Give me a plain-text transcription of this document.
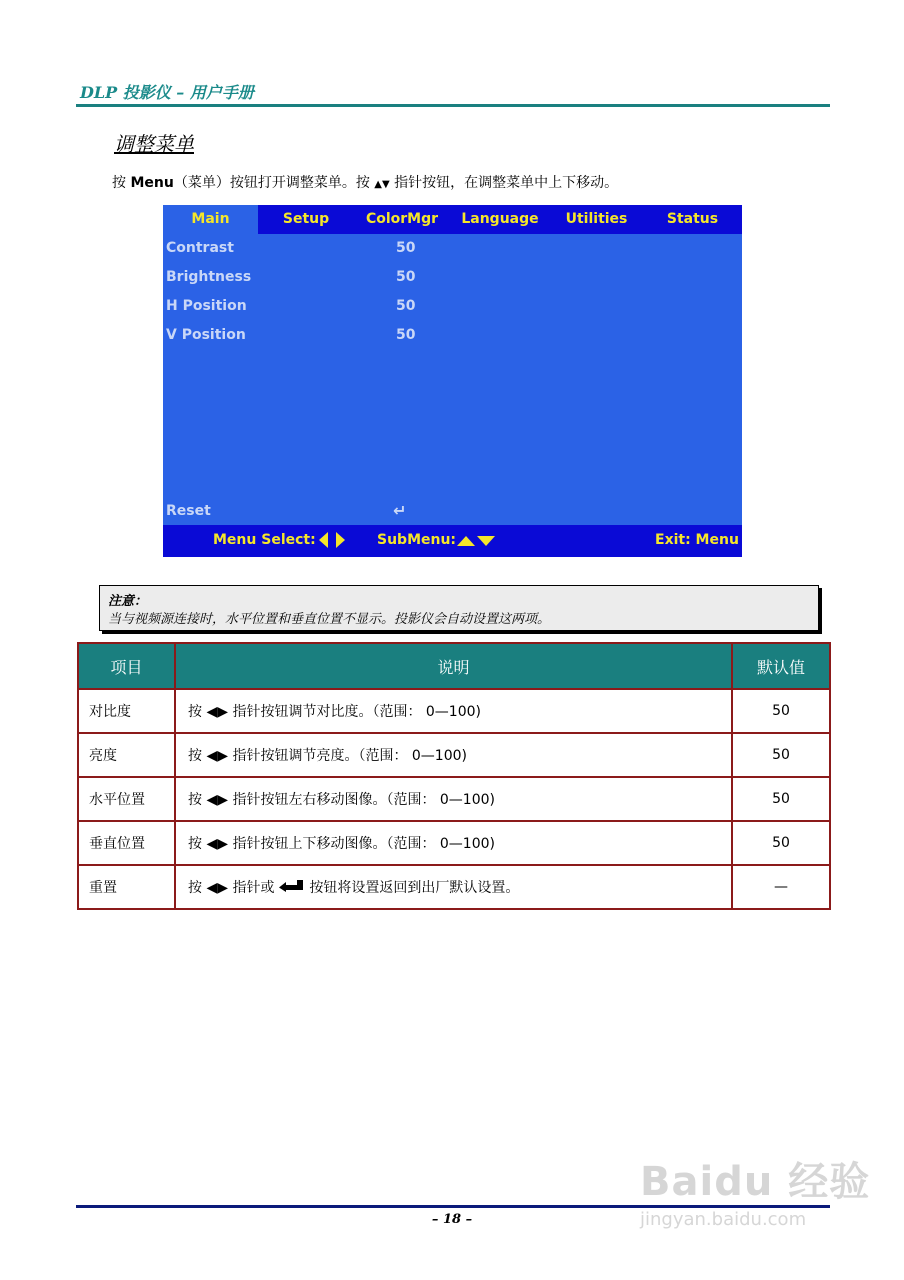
DLP 投影仪 – 用户手册
调整菜单
按 Menu（菜单）按钮打开调整菜单。按 ▲▼ 指针按钮，在调整菜单中上下移动。
Main	Setup	ColorMgr	Language	Utilities	Status
Contrast	50
Brightness	50
H Position	50
V Position	50
Reset	↵
Menu Select:	SubMenu:	Exit: Menu
注意：
当与视频源连接时，水平位置和垂直位置不显示。投影仪会自动设置这两项。
项目	说明	默认值
对比度	按 ◀▶ 指针按钮调节对比度。（范围： 0—100)	50
亮度	按 ◀▶ 指针按钮调节亮度。（范围： 0—100)	50
水平位置	按 ◀▶ 指针按钮左右移动图像。（范围： 0—100)	50
垂直位置	按 ◀▶ 指针按钮上下移动图像。（范围： 0—100)	50
重置	按 ◀▶ 指针或 按钮将设置返回到出厂默认设置。	—
Baidu 经验
jingyan.baidu.com
– 18 –
